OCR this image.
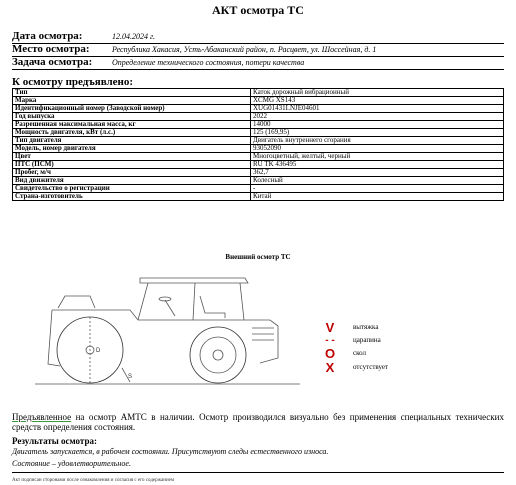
АКТ осмотра ТС
Дата осмотра:	12.04.2024 г.
Место осмотра:	Республика Хакасия, Усть-Абаканский район, п. Расцвет, ул. Шоссейная, д. 1
Задача осмотра: Определение технического состояния, потери качества
К осмотру предъявлено:
Тип	Каток дорожный вибрационный
Марка	XCMG XS143
Идентификационный номер (Заводской номер)	XUG01431LNJE04601
Год выпуска	2022
Разрешенная максимальная масса, кг	14000
Мощность двигателя, кВт (л.с.)	125 (169,95)
Тип двигателя	Двигатель внутреннего сгорания
Модель, номер двигателя	93052090
Цвет	Многоцветный, желтый, черный
ПТС (ПСМ)	RU TK 436495
Пробег, м/ч	362,7
Вид движителя	Колесный
Свидетельство о регистрации	-
Страна-изготовитель	Китай
Внешний осмотр ТС
D
S
V	вытяжка
- -	царапина
O	скол
X	отсутствует
Предъявленное на осмотр АМТС в наличии. Осмотр производился визуально без применения специальных технических средств определения состояния.
Результаты осмотра:
Двигатель запускается, в рабочем состоянии. Присутствуют следы естественного износа.
Состояние – удовлетворительное.
Акт подписан сторонами после ознакомления и согласия с его содержанием
